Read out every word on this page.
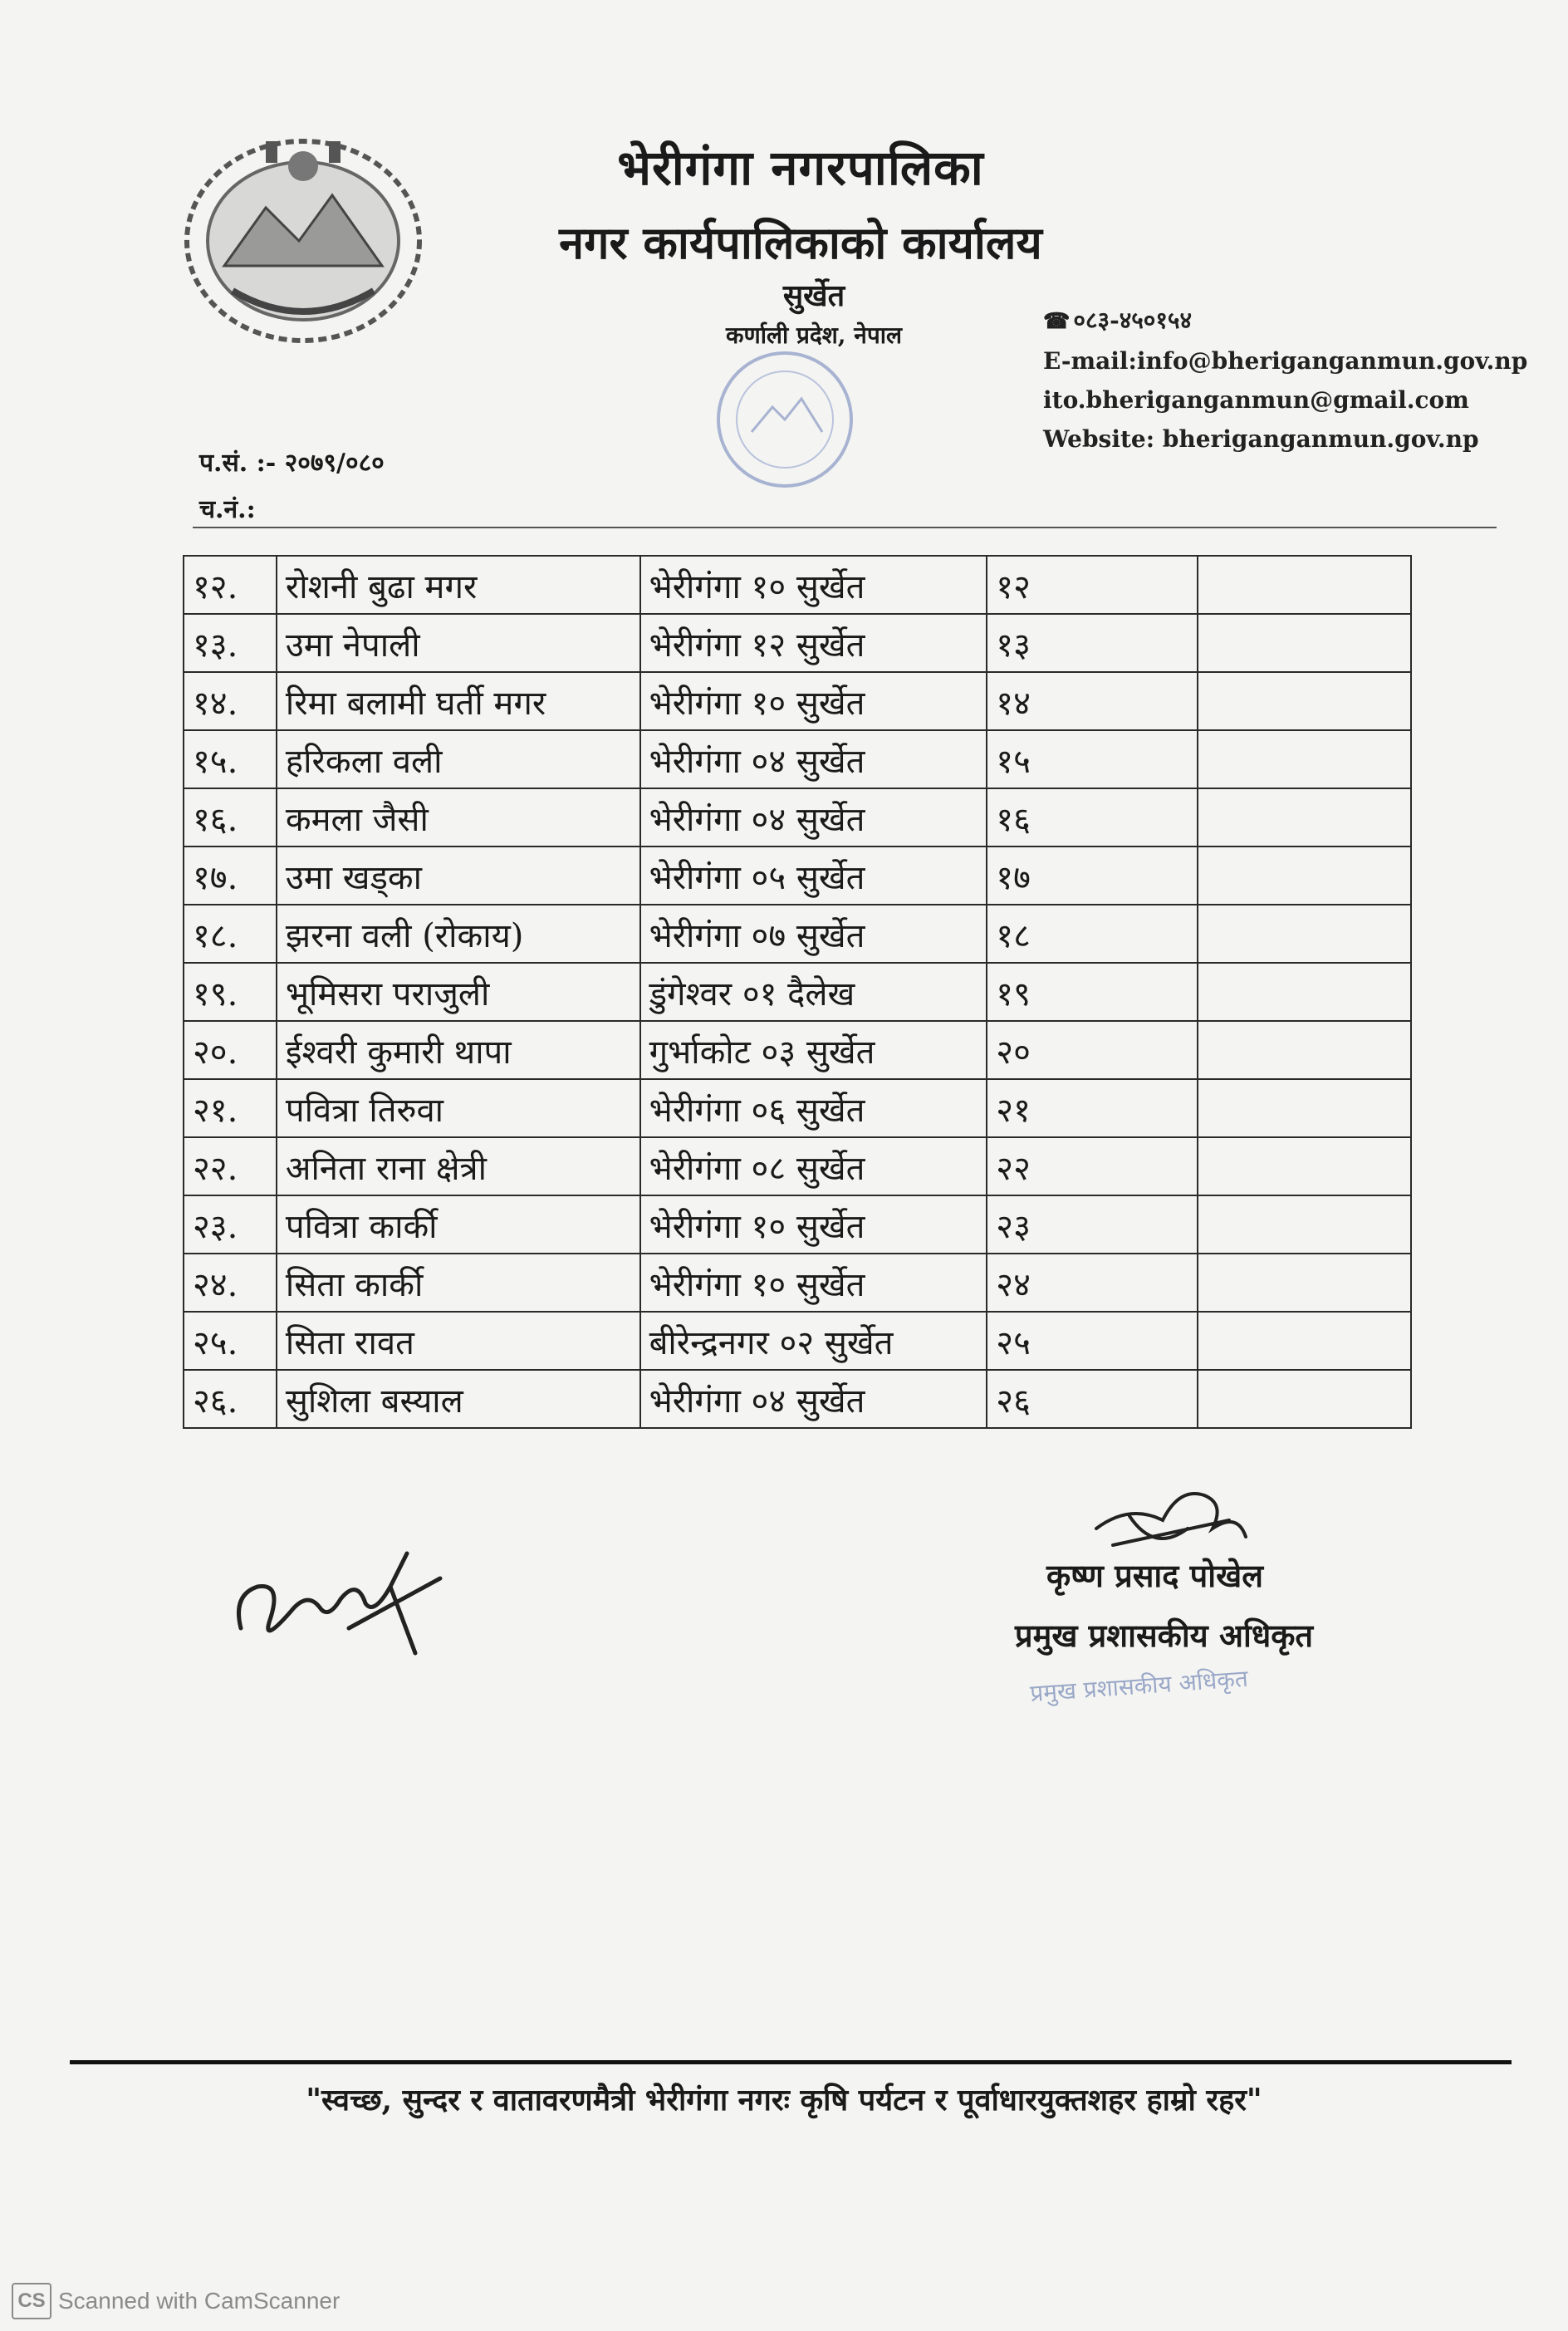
भेरीगंगा नगरपालिका
नगर कार्यपालिकाको कार्यालय
सुर्खेत
कर्णाली प्रदेश, नेपाल	☎ ०८३-४५०१५४
E-mail:info@bheriganganmun.gov.np
ito.bheriganganmun@gmail.com
Website: bheriganganmun.gov.np
प.सं. :- २०७९/०८०
च.नं.:
१२.	रोशनी बुढा मगर	भेरीगंगा १० सुर्खेत	१२	
१३.	उमा नेपाली	भेरीगंगा १२ सुर्खेत	१३	
१४.	रिमा बलामी घर्ती मगर	भेरीगंगा १० सुर्खेत	१४	
१५.	हरिकला वली	भेरीगंगा ०४ सुर्खेत	१५	
१६.	कमला जैसी	भेरीगंगा ०४ सुर्खेत	१६	
१७.	उमा खड्का	भेरीगंगा ०५ सुर्खेत	१७	
१८.	झरना वली (रोकाय)	भेरीगंगा ०७ सुर्खेत	१८	
१९.	भूमिसरा पराजुली	डुंगेश्वर ०१ दैलेख	१९	
२०.	ईश्वरी कुमारी थापा	गुर्भाकोट ०३ सुर्खेत	२०	
२१.	पवित्रा तिरुवा	भेरीगंगा ०६ सुर्खेत	२१	
२२.	अनिता राना क्षेत्री	भेरीगंगा ०८ सुर्खेत	२२	
२३.	पवित्रा कार्की	भेरीगंगा १० सुर्खेत	२३	
२४.	सिता कार्की	भेरीगंगा १० सुर्खेत	२४	
२५.	सिता रावत	बीरेन्द्रनगर ०२ सुर्खेत	२५	
२६.	सुशिला बस्याल	भेरीगंगा ०४ सुर्खेत	२६	
कृष्ण प्रसाद पोखेल
प्रमुख प्रशासकीय अधिकृत
प्रमुख प्रशासकीय अधिकृत
"स्वच्छ, सुन्दर र वातावरणमैत्री भेरीगंगा नगरः कृषि पर्यटन र पूर्वाधारयुक्तशहर हाम्रो रहर"
CS Scanned with CamScanner
